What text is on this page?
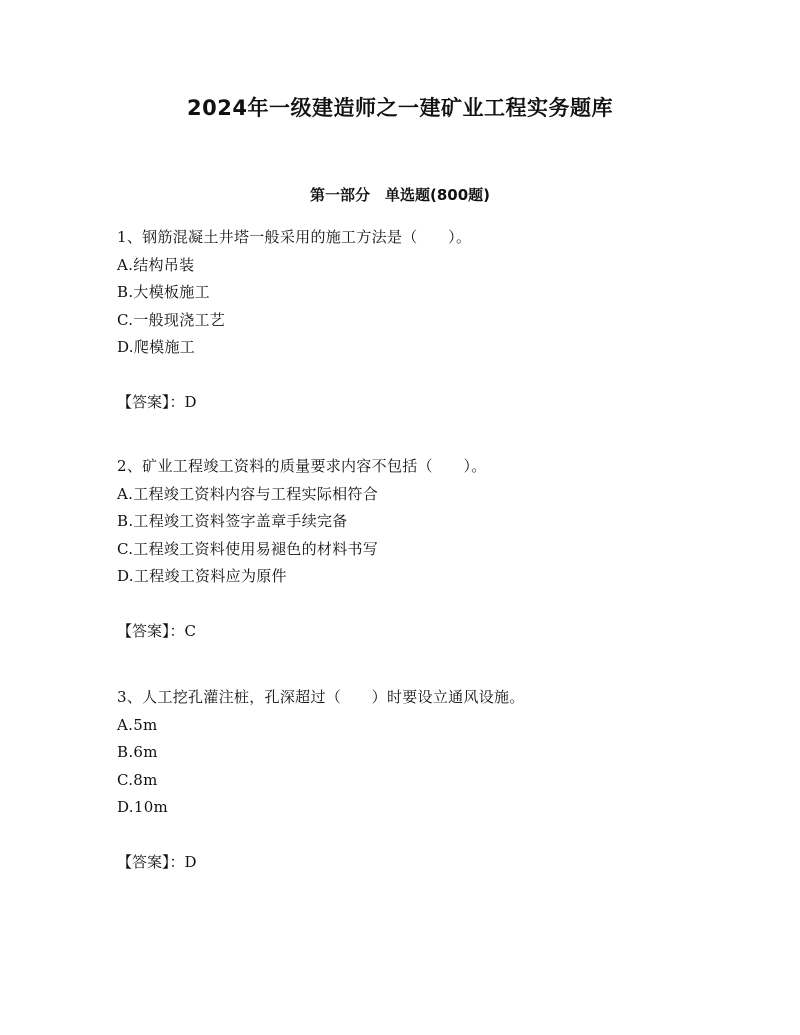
2024年一级建造师之一建矿业工程实务题库
第一部分　单选题(800题)
1、钢筋混凝土井塔一般采用的施工方法是（　　）。
A.结构吊装
B.大模板施工
C.一般现浇工艺
D.爬模施工
【答案】：D
2、矿业工程竣工资料的质量要求内容不包括（　　）。
A.工程竣工资料内容与工程实际相符合
B.工程竣工资料签字盖章手续完备
C.工程竣工资料使用易褪色的材料书写
D.工程竣工资料应为原件
【答案】：C
3、人工挖孔灌注桩，孔深超过（　　）时要设立通风设施。
A.5m
B.6m
C.8m
D.10m
【答案】：D
